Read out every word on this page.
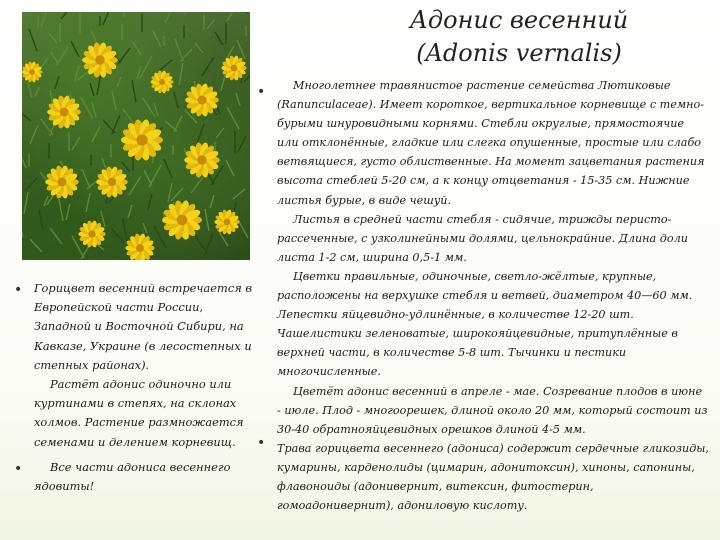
Адонис весенний
(Adonis vernalis)
• Горицвет весенний встречается в Европейской части России, Западной и Восточной Сибири, на Кавказе, Украине (в лесостепных и степных районах).

Растёт адонис одиночно или куртинами в степях, на склонах холмов. Растение размножается семенами и делением корневищ.

•	Все части адониса весеннего ядовиты!

•
•

Многолетнее травянистое растение семейства Лютиковые (Ranunculaceae). Имеет короткое, вертикальное корневище с темно-бурыми шнуровидными корнями. Стебли округлые, прямостоячие или отклонённые, гладкие или слегка опушенные, простые или слабо ветвящиеся, густо облиственные. На момент зацветания растения высота стеблей 5-20 см, а к концу отцветания - 15-35 см. Нижние листья бурые, в виде чешуй.

Листья в средней части стебля - сидячие, трижды перисто-рассеченные, с узколинейными долями, цельнокрайние. Длина доли листа 1-2 см, ширина 0,5-1 мм.

Цветки правильные, одиночные, светло-жёлтые, крупные, расположены на верхушке стебля и ветвей, диаметром 40—60 мм. Лепестки яйцевидно-удлинённые, в количестве 12-20 шт. Чашелистики зеленоватые, широкояйцевидные, притуплённые в верхней части, в количестве 5-8 шт. Тычинки и пестики многочисленные.

Цветёт адонис весенний в апреле - мае. Созревание плодов в июне - июле. Плод - многоорешек, длиной около 20 мм, который состоит из 30-40 обратнояйцевидных орешков длиной 4-5 мм.

Трава горицвета весеннего (адониса) содержит сердечные гликозиды, кумарины, карденолиды (цимарин, адонитоксин), хиноны, сапонины, флавоноиды (адонивернит, витексин, фитостерин, гомоадонивернит), адониловую кислоту.
